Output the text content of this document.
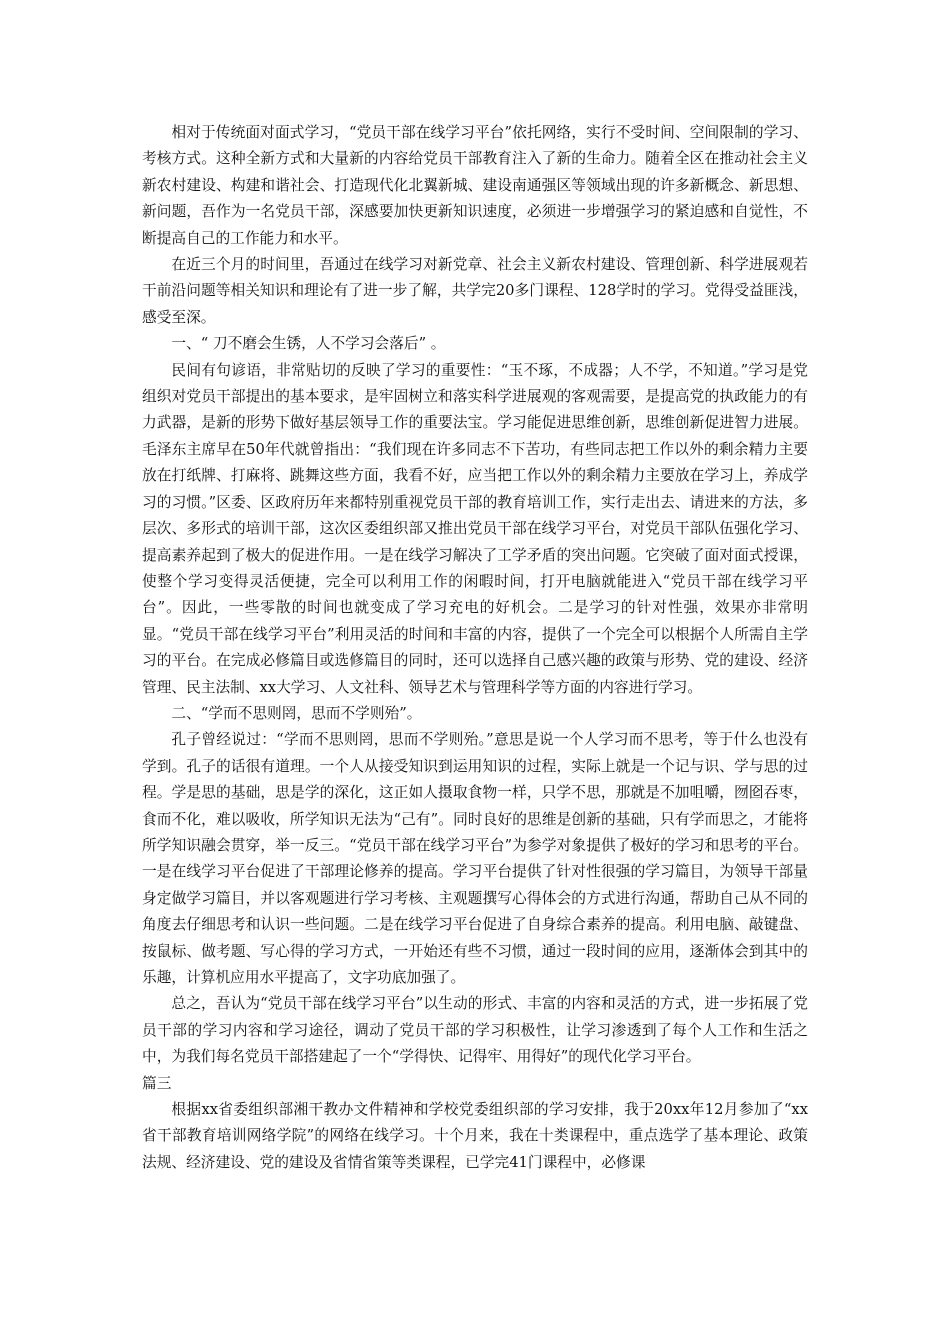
相对于传统面对面式学习，“党员干部在线学习平台”依托网络，实行不受时间、空间限制的学习、考核方式。这种全新方式和大量新的内容给党员干部教育注入了新的生命力。随着全区在推动社会主义新农村建设、构建和谐社会、打造现代化北翼新城、建设南通强区等领域出现的许多新概念、新思想、新问题，吾作为一名党员干部，深感要加快更新知识速度，必须进一步增强学习的紧迫感和自觉性，不断提高自己的工作能力和水平。

在近三个月的时间里，吾通过在线学习对新党章、社会主义新农村建设、管理创新、科学进展观若干前沿问题等相关知识和理论有了进一步了解，共学完20多门课程、128学时的学习。党得受益匪浅，感受至深。

一、“ 刀不磨会生锈，人不学习会落后” 。

民间有句谚语，非常贴切的反映了学习的重要性：“玉不琢，不成器；人不学，不知道。”学习是党组织对党员干部提出的基本要求，是牢固树立和落实科学进展观的客观需要，是提高党的执政能力的有力武器，是新的形势下做好基层领导工作的重要法宝。学习能促进思维创新，思维创新促进智力进展。毛泽东主席早在50年代就曾指出：“我们现在许多同志不下苦功，有些同志把工作以外的剩余精力主要放在打纸牌、打麻将、跳舞这些方面，我看不好，应当把工作以外的剩余精力主要放在学习上，养成学习的习惯。”区委、区政府历年来都特别重视党员干部的教育培训工作，实行走出去、请进来的方法，多层次、多形式的培训干部，这次区委组织部又推出党员干部在线学习平台，对党员干部队伍强化学习、提高素养起到了极大的促进作用。一是在线学习解决了工学矛盾的突出问题。它突破了面对面式授课，使整个学习变得灵活便捷，完全可以利用工作的闲暇时间，打开电脑就能进入“党员干部在线学习平台”。因此，一些零散的时间也就变成了学习充电的好机会。二是学习的针对性强，效果亦非常明显。“党员干部在线学习平台”利用灵活的时间和丰富的内容，提供了一个完全可以根据个人所需自主学习的平台。在完成必修篇目或选修篇目的同时，还可以选择自己感兴趣的政策与形势、党的建设、经济管理、民主法制、xx大学习、人文社科、领导艺术与管理科学等方面的内容进行学习。

二、“学而不思则罔，思而不学则殆”。

孔子曾经说过：“学而不思则罔，思而不学则殆。”意思是说一个人学习而不思考，等于什么也没有学到。孔子的话很有道理。一个人从接受知识到运用知识的过程，实际上就是一个记与识、学与思的过程。学是思的基础，思是学的深化，这正如人摄取食物一样，只学不思，那就是不加咀嚼，囫囵吞枣，食而不化，难以吸收，所学知识无法为“己有”。同时良好的思维是创新的基础，只有学而思之，才能将所学知识融会贯穿，举一反三。“党员干部在线学习平台”为参学对象提供了极好的学习和思考的平台。一是在线学习平台促进了干部理论修养的提高。学习平台提供了针对性很强的学习篇目，为领导干部量身定做学习篇目，并以客观题进行学习考核、主观题撰写心得体会的方式进行沟通，帮助自己从不同的角度去仔细思考和认识一些问题。二是在线学习平台促进了自身综合素养的提高。利用电脑、敲键盘、按鼠标、做考题、写心得的学习方式，一开始还有些不习惯，通过一段时间的应用，逐渐体会到其中的乐趣，计算机应用水平提高了，文字功底加强了。

总之，吾认为“党员干部在线学习平台”以生动的形式、丰富的内容和灵活的方式，进一步拓展了党员干部的学习内容和学习途径，调动了党员干部的学习积极性，让学习渗透到了每个人工作和生活之中，为我们每名党员干部搭建起了一个“学得快、记得牢、用得好”的现代化学习平台。

篇三

根据xx省委组织部湘干教办文件精神和学校党委组织部的学习安排，我于20xx年12月参加了“xx省干部教育培训网络学院”的网络在线学习。十个月来，我在十类课程中，重点选学了基本理论、政策法规、经济建设、党的建设及省情省策等类课程，已学完41门课程中，必修课
